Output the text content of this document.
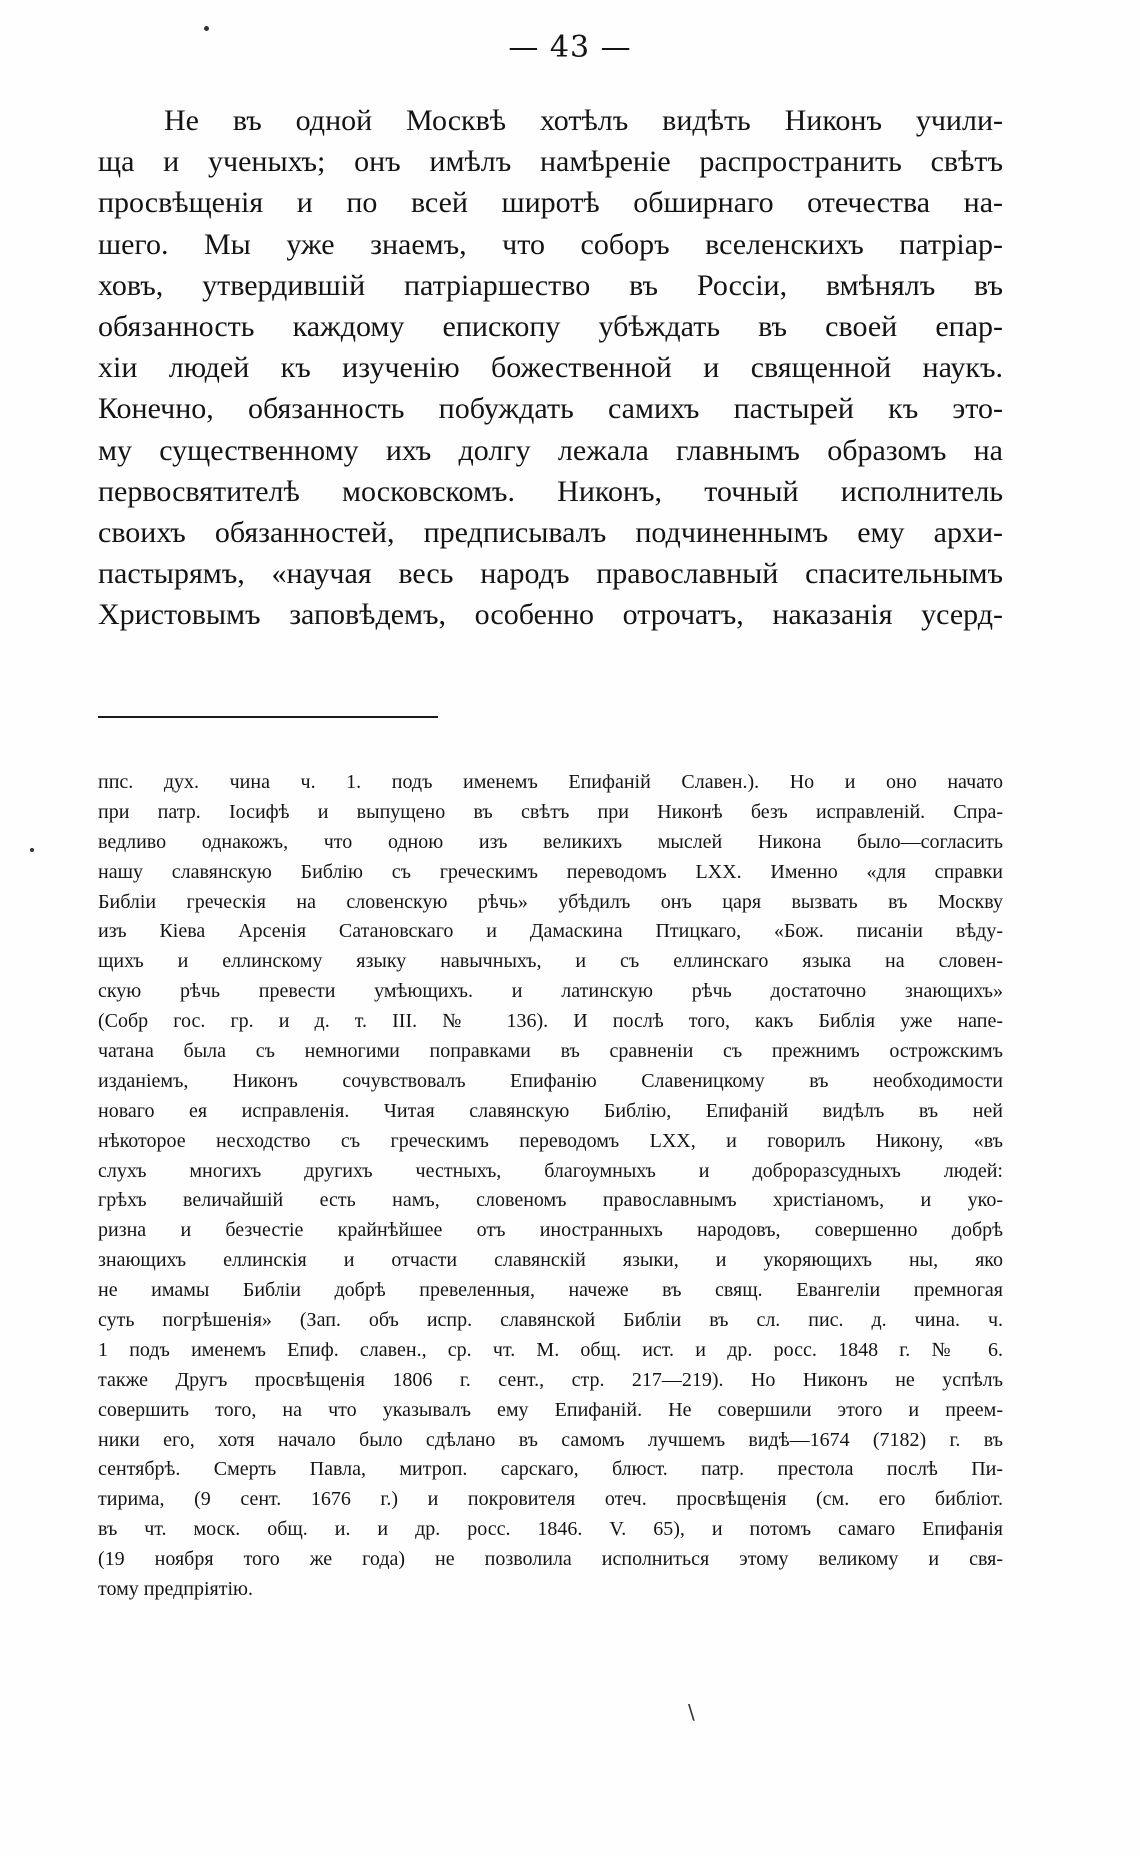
— 43 —
Не въ одной Москвѣ хотѣлъ видѣть Никонъ учили-
ща и ученыхъ; онъ имѣлъ намѣреніе распространить свѣтъ
просвѣщенія и по всей широтѣ обширнаго отечества на-
шего. Мы уже знаемъ, что соборъ вселенскихъ патріар-
ховъ, утвердившій патріаршество въ Россіи, вмѣнялъ въ
обязанность каждому епископу убѣждать въ своей епар-
хіи людей къ изученію божественной и священной наукъ.
Конечно, обязанность побуждать самихъ пастырей къ это-
му существенному ихъ долгу лежала главнымъ образомъ на
первосвятителѣ московскомъ. Никонъ, точный исполнитель
своихъ обязанностей, предписывалъ подчиненнымъ ему архи-
пастырямъ, «научая весь народъ православный спасительнымъ
Христовымъ заповѣдемъ, особенно отрочатъ, наказанія усерд-
ппс. дух. чина ч. 1. подъ именемъ Епифаній Славен.). Но и оно начато
при патр. Іосифѣ и выпущено въ свѣтъ при Никонѣ безъ исправленій. Спра-
ведливо однакожъ, что одною изъ великихъ мыслей Никона было—согласить
нашу славянскую Библію съ греческимъ переводомъ LXX. Именно «для справки
Библіи греческія на словенскую рѣчь» убѣдилъ онъ царя вызвать въ Москву
изъ Кіева Арсенія Сатановскаго и Дамаскина Птицкаго, «Бож. писаніи вѣду-
щихъ и еллинскому языку навычныхъ, и съ еллинскаго языка на словен-
скую рѣчь превести умѣющихъ. и латинскую рѣчь достаточно знающихъ»
(Собр гос. гр. и д. т. III. № 136). И послѣ того, какъ Библія уже напе-
чатана была съ немногими поправками въ сравненіи съ прежнимъ острожскимъ
изданіемъ, Никонъ сочувствовалъ Епифанію Славеницкому въ необходимости
новаго ея исправленія. Читая славянскую Библію, Епифаній видѣлъ въ ней
нѣкоторое несходство съ греческимъ переводомъ LXX, и говорилъ Никону, «въ
слухъ многихъ другихъ честныхъ, благоумныхъ и доброразсудныхъ людей:
грѣхъ величайшій есть намъ, словеномъ православнымъ христіаномъ, и уко-
ризна и безчестіе крайнѣйшее отъ иностранныхъ народовъ, совершенно добрѣ
знающихъ еллинскія и отчасти славянскій языки, и укоряющихъ ны, яко
не имамы Библіи добрѣ превеленныя, начеже въ свящ. Евангеліи премногая
суть погрѣшенія» (Зап. объ испр. славянской Библіи въ сл. пис. д. чина. ч.
1 подъ именемъ Епиф. славен., ср. чт. М. общ. ист. и др. росс. 1848 г. № 6.
также Другъ просвѣщенія 1806 г. сент., стр. 217—219). Но Никонъ не успѣлъ
совершить того, на что указывалъ ему Епифаній. Не совершили этого и преем-
ники его, хотя начало было сдѣлано въ самомъ лучшемъ видѣ—1674 (7182) г. въ
сентябрѣ. Смерть Павла, митроп. сарскаго, блюст. патр. престола послѣ Пи-
тирима, (9 сент. 1676 г.) и покровителя отеч. просвѣщенія (см. его библіот.
въ чт. моск. общ. и. и др. росс. 1846. V. 65), и потомъ самаго Епифанія
(19 ноября того же года) не позволила исполниться этому великому и свя-
тому предпріятію.
\
